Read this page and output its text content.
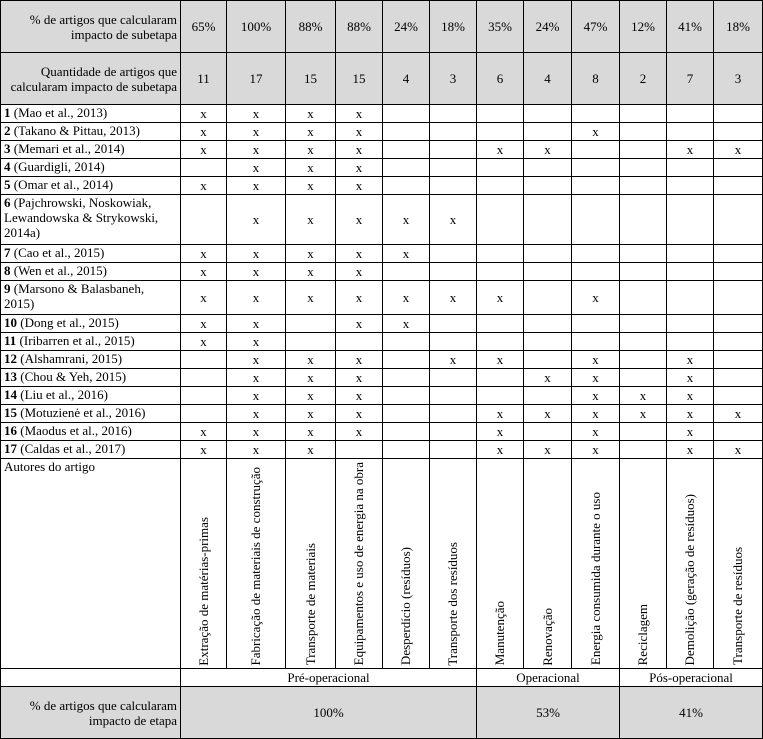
% de artigos que calcularam impacto de subetapa	65%	100%	88%	88%	24%	18%	35%	24%	47%	12%	41%	18%
Quantidade de artigos que calcularam impacto de subetapa	11	17	15	15	4	3	6	4	8	2	7	3
1 (Mao et al., 2013)	x	x	x	x								
2 (Takano & Pittau, 2013)	x	x	x	x					x			
3 (Memari et al., 2014)	x	x	x	x			x	x			x	x
4 (Guardigli, 2014)		x	x	x								
5 (Omar et al., 2014)	x	x	x	x								
6 (Pajchrowski, Noskowiak, Lewandowska & Strykowski, 2014a)		x	x	x	x	x						
7 (Cao et al., 2015)	x	x	x	x	x							
8 (Wen et al., 2015)	x	x	x	x								
9 (Marsono & Balasbaneh, 2015)	x	x	x	x	x	x	x		x			
10 (Dong et al., 2015)	x	x		x	x							
11 (Iribarren et al., 2015)	x	x										
12 (Alshamrani, 2015)		x	x	x		x	x		x		x	
13 (Chou & Yeh, 2015)		x	x	x				x	x		x	
14 (Liu et al., 2016)		x	x	x					x	x	x	
15 (Motuzienė et al., 2016)		x	x	x			x	x	x	x	x	x
16 (Maodus et al., 2016)	x	x	x	x			x		x		x	
17 (Caldas et al., 2017)	x	x	x				x	x	x		x	x
Autores do artigo	Extração de matérias-primas	Fabricação de materiais de construção	Transporte de materiais	Equipamentos e uso de energia na obra	Desperdício (resíduos)	Transporte dos resíduos	Manutenção	Renovação	Energia consumida durante o uso	Reciclagem	Demolição (geração de resíduos)	Transporte de resíduos

	Pré-operacional						Operacional			Pós-operacional		
% de artigos que calcularam impacto de etapa	100%						53%			41%		
